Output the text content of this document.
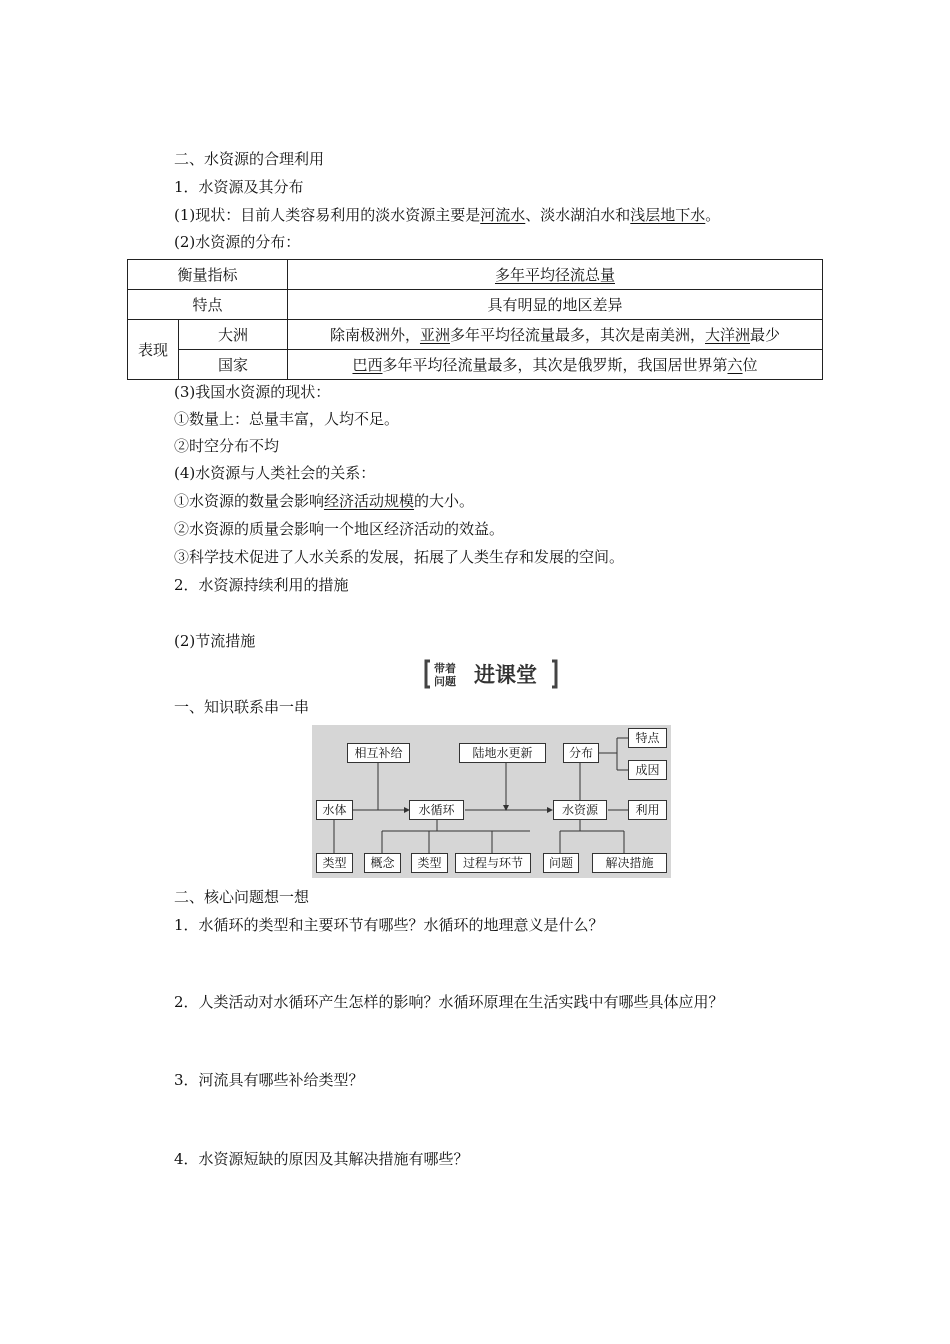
二、水资源的合理利用
1．水资源及其分布
(1)现状：目前人类容易利用的淡水资源主要是河流水、淡水湖泊水和浅层地下水。
(2)水资源的分布：
衡量指标		多年平均径流总量
特点		具有明显的地区差异
表现	大洲	除南极洲外，亚洲多年平均径流量最多，其次是南美洲，大洋洲最少
	国家	巴西多年平均径流量最多，其次是俄罗斯，我国居世界第六位
(3)我国水资源的现状：
①数量上：总量丰富，人均不足。
②时空分布不均
(4)水资源与人类社会的关系：
①水资源的数量会影响经济活动规模的大小。
②水资源的质量会影响一个地区经济活动的效益。
③科学技术促进了人水关系的发展，拓展了人类生存和发展的空间。
2．水资源持续利用的措施
(2)节流措施
带着
问题 进课堂
一、知识联系串一串
相互补给	陆地水更新	分布
特点
成因
水体	水循环	水资源	利用
类型	概念	类型	过程与环节	问题	解决措施
二、核心问题想一想
1．水循环的类型和主要环节有哪些？水循环的地理意义是什么？
2．人类活动对水循环产生怎样的影响？水循环原理在生活实践中有哪些具体应用？
3．河流具有哪些补给类型？
4．水资源短缺的原因及其解决措施有哪些？
